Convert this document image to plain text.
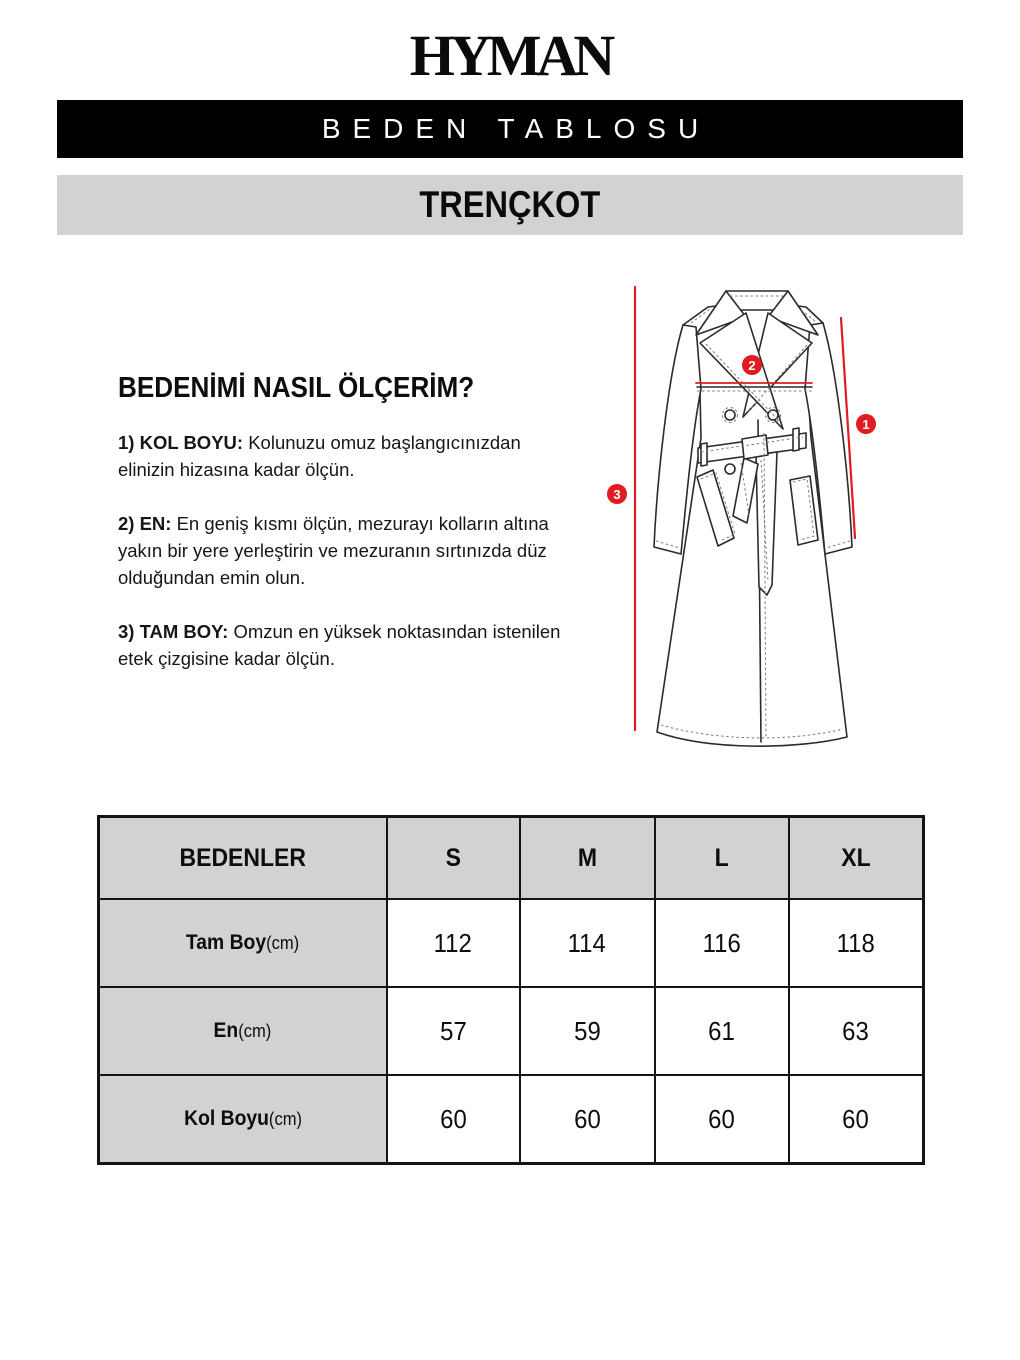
HYMAN
BEDEN TABLOSU
TRENÇKOT
BEDENİMİ NASIL ÖLÇERİM?

1) KOL BOYU: Kolunuzu omuz başlangıcınızdan elinizin hizasına kadar ölçün.

2) EN: En geniş kısmı ölçün, mezurayı kolların altına yakın bir yere yerleştirin ve mezuranın sırtınızda düz olduğundan emin olun.

3) TAM BOY: Omzun en yüksek noktasından istenilen etek çizgisine kadar ölçün.

1
2
3
BEDENLER	S	M	L	XL
Tam Boy(cm)	112	114	116	118
En(cm)	57	59	61	63
Kol Boyu(cm)	60	60	60	60
